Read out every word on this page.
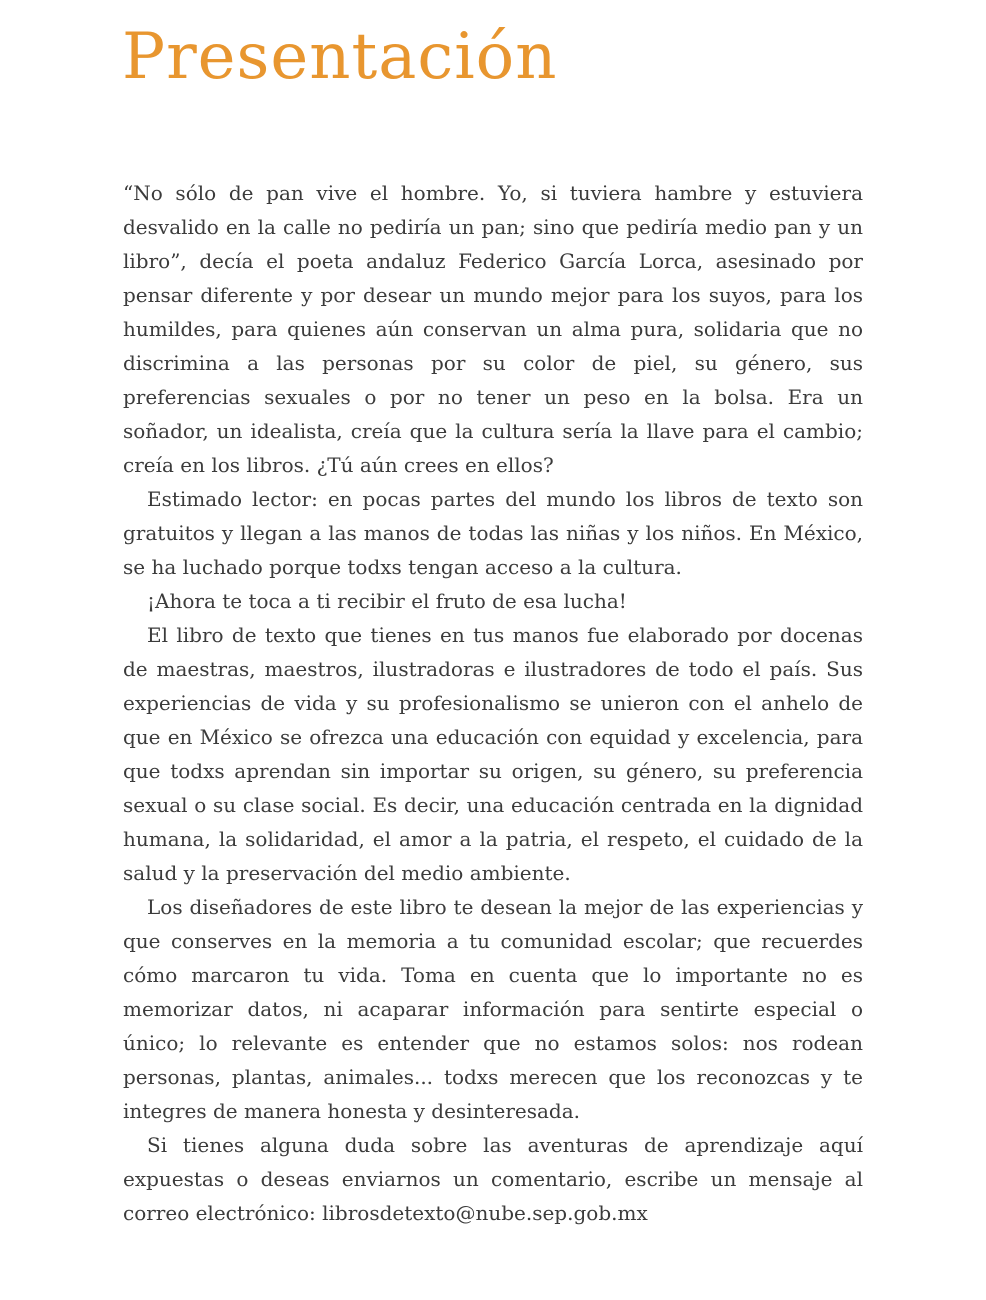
Presentación

“No sólo de pan vive el hombre. Yo, si tuviera hambre y estuviera desvalido en la calle no pediría un pan; sino que pediría medio pan y un libro”, decía el poeta andaluz Federico García Lorca, asesinado por pensar diferente y por desear un mundo mejor para los suyos, para los humildes, para quienes aún conservan un alma pura, solidaria que no discrimina a las personas por su color de piel, su género, sus preferencias sexuales o por no tener un peso en la bolsa. Era un soñador, un idealista, creía que la cultura sería la llave para el cambio; creía en los libros. ¿Tú aún crees en ellos?

Estimado lector: en pocas partes del mundo los libros de texto son gratuitos y llegan a las manos de todas las niñas y los niños. En México, se ha luchado porque todxs tengan acceso a la cultura.

¡Ahora te toca a ti recibir el fruto de esa lucha!

El libro de texto que tienes en tus manos fue elaborado por docenas de maestras, maestros, ilustradoras e ilustradores de todo el país. Sus experiencias de vida y su profesionalismo se unieron con el anhelo de que en México se ofrezca una educación con equidad y excelencia, para que todxs aprendan sin importar su origen, su género, su preferencia sexual o su clase social. Es decir, una educación centrada en la dignidad humana, la solidaridad, el amor a la patria, el respeto, el cuidado de la salud y la preservación del medio ambiente.

Los diseñadores de este libro te desean la mejor de las experiencias y que conserves en la memoria a tu comunidad escolar; que recuerdes cómo marcaron tu vida. Toma en cuenta que lo importante no es memorizar datos, ni acaparar información para sentirte especial o único; lo relevante es entender que no estamos solos: nos rodean personas, plantas, animales... todxs merecen que los reconozcas y te integres de manera honesta y desinteresada.

Si tienes alguna duda sobre las aventuras de aprendizaje aquí expuestas o deseas enviarnos un comentario, escribe un mensaje al correo electrónico: librosdetexto@nube.sep.gob.mx
